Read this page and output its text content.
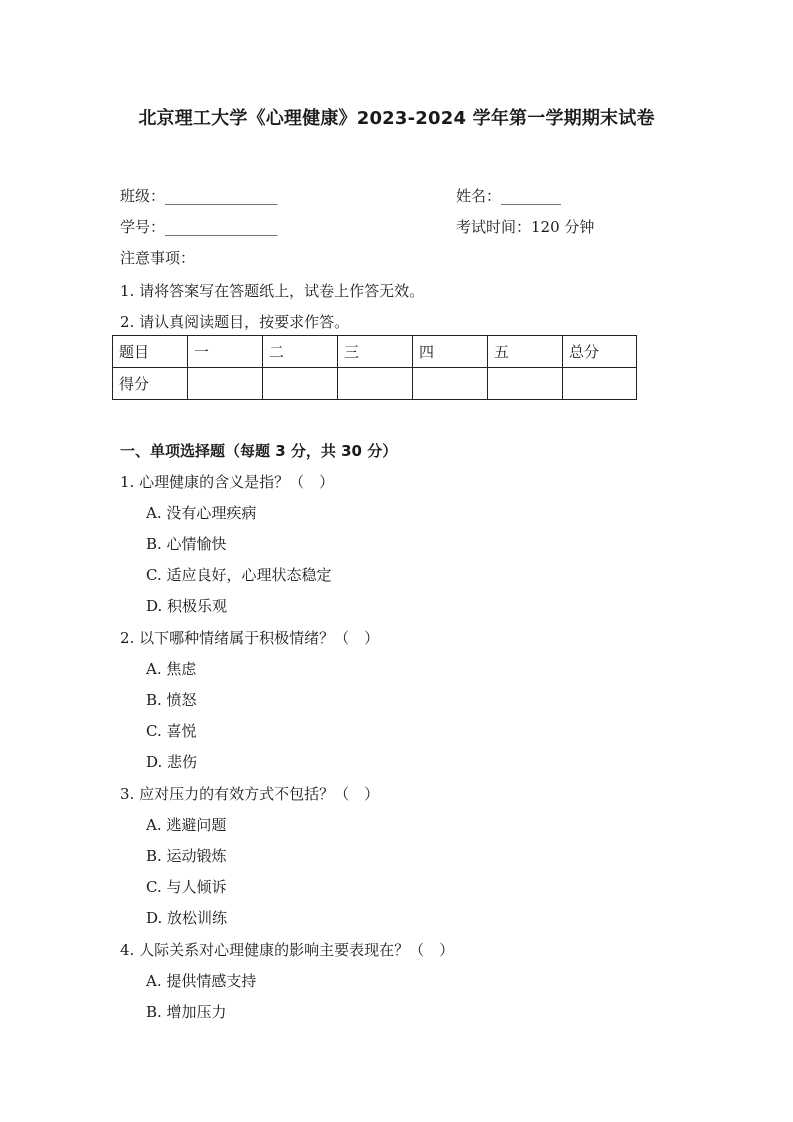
北京理工大学《心理健康》2023-2024 学年第一学期期末试卷
班级：_______________	姓名：________
学号：_______________	考试时间：120 分钟
注意事项：
1. 请将答案写在答题纸上，试卷上作答无效。
2. 请认真阅读题目，按要求作答。
题目	一	二	三	四	五	总分
得分						
一、单项选择题（每题 3 分，共 30 分）
1. 心理健康的含义是指？（　）
A. 没有心理疾病
B. 心情愉快
C. 适应良好，心理状态稳定
D. 积极乐观
2. 以下哪种情绪属于积极情绪？（　）
A. 焦虑
B. 愤怒
C. 喜悦
D. 悲伤
3. 应对压力的有效方式不包括？（　）
A. 逃避问题
B. 运动锻炼
C. 与人倾诉
D. 放松训练
4. 人际关系对心理健康的影响主要表现在？（　）
A. 提供情感支持
B. 增加压力
